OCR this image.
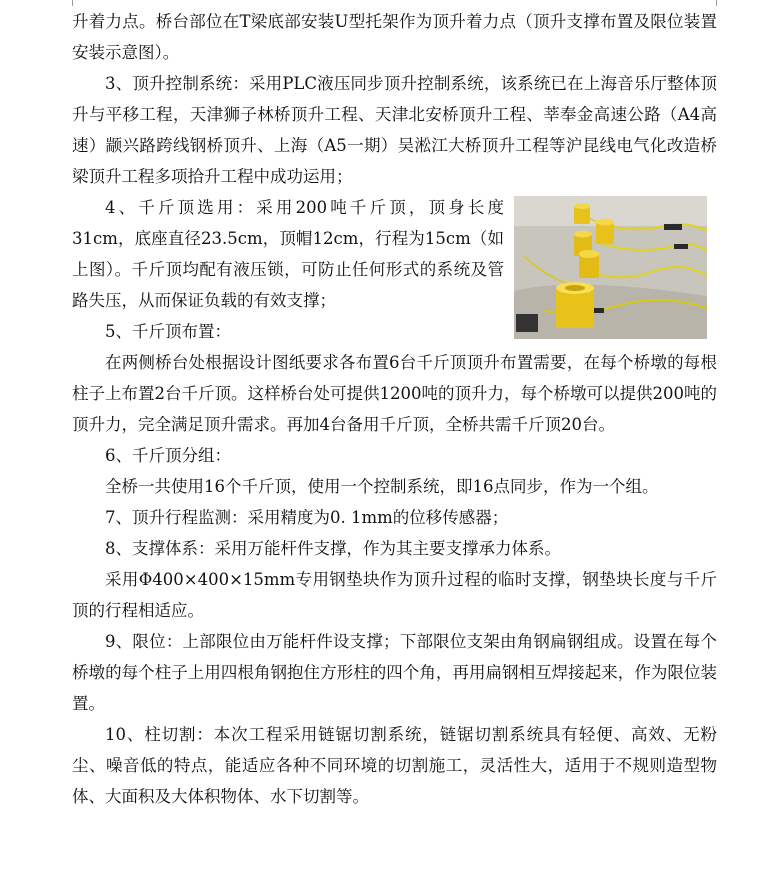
升着力点。桥台部位在T梁底部安装U型托架作为顶升着力点（顶升支撑布置及限位装置安装示意图）。

3、顶升控制系统：采用PLC液压同步顶升控制系统，该系统已在上海音乐厅整体顶升与平移工程，天津狮子林桥顶升工程、天津北安桥顶升工程、莘奉金高速公路（A4高速）颛兴路跨线钢桥顶升、上海（A5一期）吴淞江大桥顶升工程等沪昆线电气化改造桥梁顶升工程多项拾升工程中成功运用；

4、千斤顶选用：采用200吨千斤顶，顶身长度31cm，底座直径23.5cm，顶帽12cm，行程为15cm（如上图）。千斤顶均配有液压锁，可防止任何形式的系统及管路失压，从而保证负载的有效支撑；

5、千斤顶布置：

在两侧桥台处根据设计图纸要求各布置6台千斤顶顶升布置需要，在每个桥墩的每根柱子上布置2台千斤顶。这样桥台处可提供1200吨的顶升力，每个桥墩可以提供200吨的顶升力，完全满足顶升需求。再加4台备用千斤顶，全桥共需千斤顶20台。

6、千斤顶分组：

全桥一共使用16个千斤顶，使用一个控制系统，即16点同步，作为一个组。

7、顶升行程监测：采用精度为0. 1mm的位移传感器；

8、支撑体系：采用万能杆件支撑，作为其主要支撑承力体系。

采用Φ400×400×15mm专用钢垫块作为顶升过程的临时支撑，钢垫块长度与千斤顶的行程相适应。

9、限位：上部限位由万能杆件设支撑；下部限位支架由角钢扁钢组成。设置在每个桥墩的每个柱子上用四根角钢抱住方形柱的四个角，再用扁钢相互焊接起来，作为限位装置。

10、柱切割：本次工程采用链锯切割系统，链锯切割系统具有轻便、高效、无粉尘、噪音低的特点，能适应各种不同环境的切割施工，灵活性大，适用于不规则造型物体、大面积及大体积物体、水下切割等。
